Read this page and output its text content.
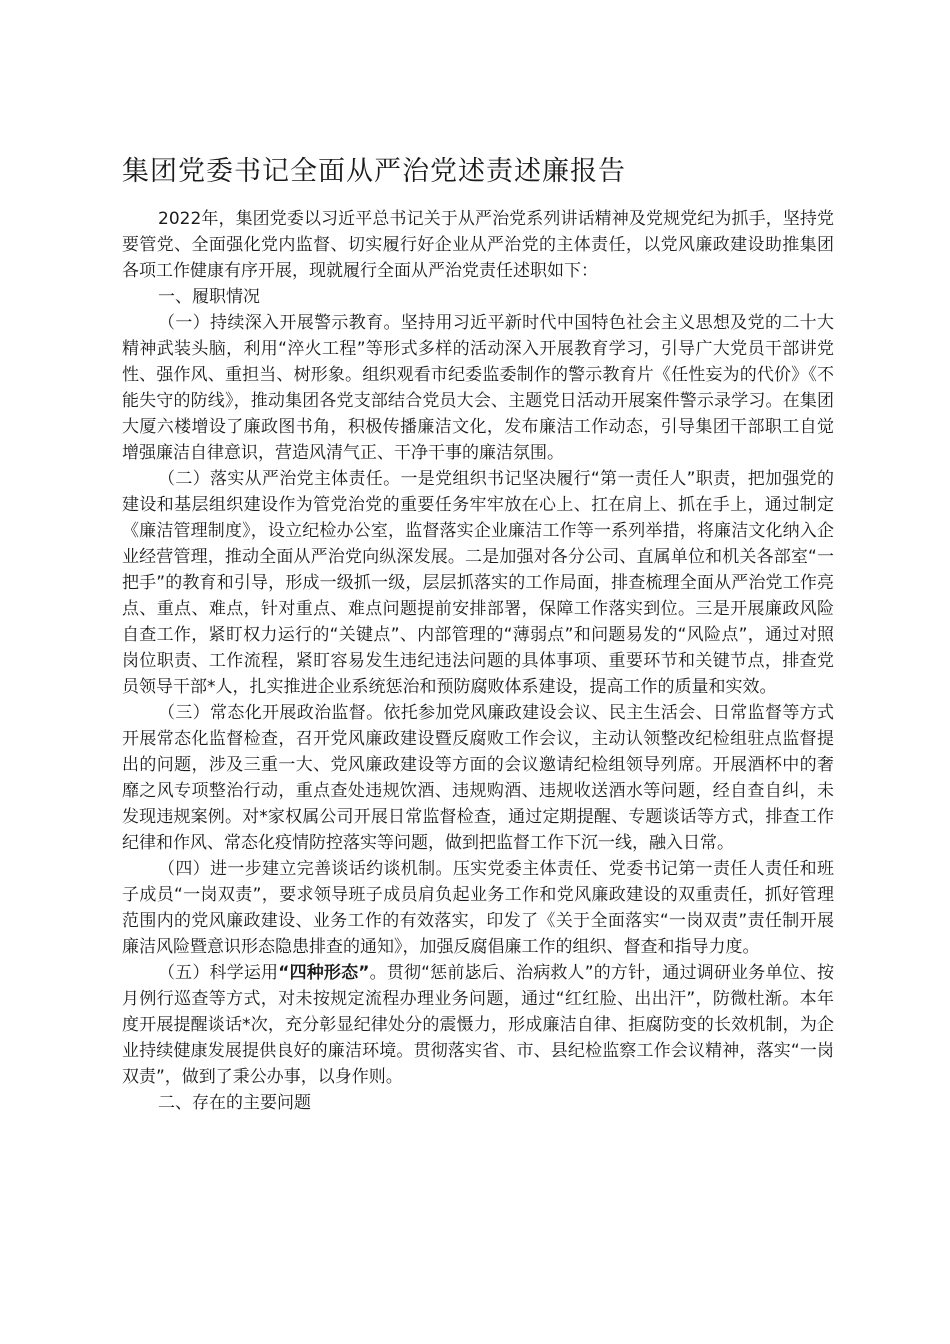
集团党委书记全面从严治党述责述廉报告

2022年，集团党委以习近平总书记关于从严治党系列讲话精神及党规党纪为抓手，坚持党要管党、全面强化党内监督、切实履行好企业从严治党的主体责任，以党风廉政建设助推集团各项工作健康有序开展，现就履行全面从严治党责任述职如下：

一、履职情况

（一）持续深入开展警示教育。坚持用习近平新时代中国特色社会主义思想及党的二十大精神武装头脑，利用“淬火工程”等形式多样的活动深入开展教育学习，引导广大党员干部讲党性、强作风、重担当、树形象。组织观看市纪委监委制作的警示教育片《任性妄为的代价》《不能失守的防线》，推动集团各党支部结合党员大会、主题党日活动开展案件警示录学习。在集团大厦六楼增设了廉政图书角，积极传播廉洁文化，发布廉洁工作动态，引导集团干部职工自觉增强廉洁自律意识，营造风清气正、干净干事的廉洁氛围。

（二）落实从严治党主体责任。一是党组织书记坚决履行“第一责任人”职责，把加强党的建设和基层组织建设作为管党治党的重要任务牢牢放在心上、扛在肩上、抓在手上，通过制定《廉洁管理制度》，设立纪检办公室，监督落实企业廉洁工作等一系列举措，将廉洁文化纳入企业经营管理，推动全面从严治党向纵深发展。二是加强对各分公司、直属单位和机关各部室“一把手”的教育和引导，形成一级抓一级，层层抓落实的工作局面，排查梳理全面从严治党工作亮点、重点、难点，针对重点、难点问题提前安排部署，保障工作落实到位。三是开展廉政风险自查工作，紧盯权力运行的“关键点”、内部管理的“薄弱点”和问题易发的“风险点”，通过对照岗位职责、工作流程，紧盯容易发生违纪违法问题的具体事项、重要环节和关键节点，排查党员领导干部*人，扎实推进企业系统惩治和预防腐败体系建设，提高工作的质量和实效。

（三）常态化开展政治监督。依托参加党风廉政建设会议、民主生活会、日常监督等方式开展常态化监督检查，召开党风廉政建设暨反腐败工作会议，主动认领整改纪检组驻点监督提出的问题，涉及三重一大、党风廉政建设等方面的会议邀请纪检组领导列席。开展酒杯中的奢靡之风专项整治行动，重点查处违规饮酒、违规购酒、违规收送酒水等问题，经自查自纠，未发现违规案例。对*家权属公司开展日常监督检查，通过定期提醒、专题谈话等方式，排查工作纪律和作风、常态化疫情防控落实等问题，做到把监督工作下沉一线，融入日常。

（四）进一步建立完善谈话约谈机制。压实党委主体责任、党委书记第一责任人责任和班子成员“一岗双责”，要求领导班子成员肩负起业务工作和党风廉政建设的双重责任，抓好管理范围内的党风廉政建设、业务工作的有效落实，印发了《关于全面落实“一岗双责”责任制开展廉洁风险暨意识形态隐患排查的通知》，加强反腐倡廉工作的组织、督查和指导力度。

（五）科学运用“四种形态”。贯彻“惩前毖后、治病救人”的方针，通过调研业务单位、按月例行巡查等方式，对未按规定流程办理业务问题，通过“红红脸、出出汗”，防微杜渐。本年度开展提醒谈话*次，充分彰显纪律处分的震慑力，形成廉洁自律、拒腐防变的长效机制，为企业持续健康发展提供良好的廉洁环境。贯彻落实省、市、县纪检监察工作会议精神，落实“一岗双责”，做到了秉公办事，以身作则。

二、存在的主要问题
